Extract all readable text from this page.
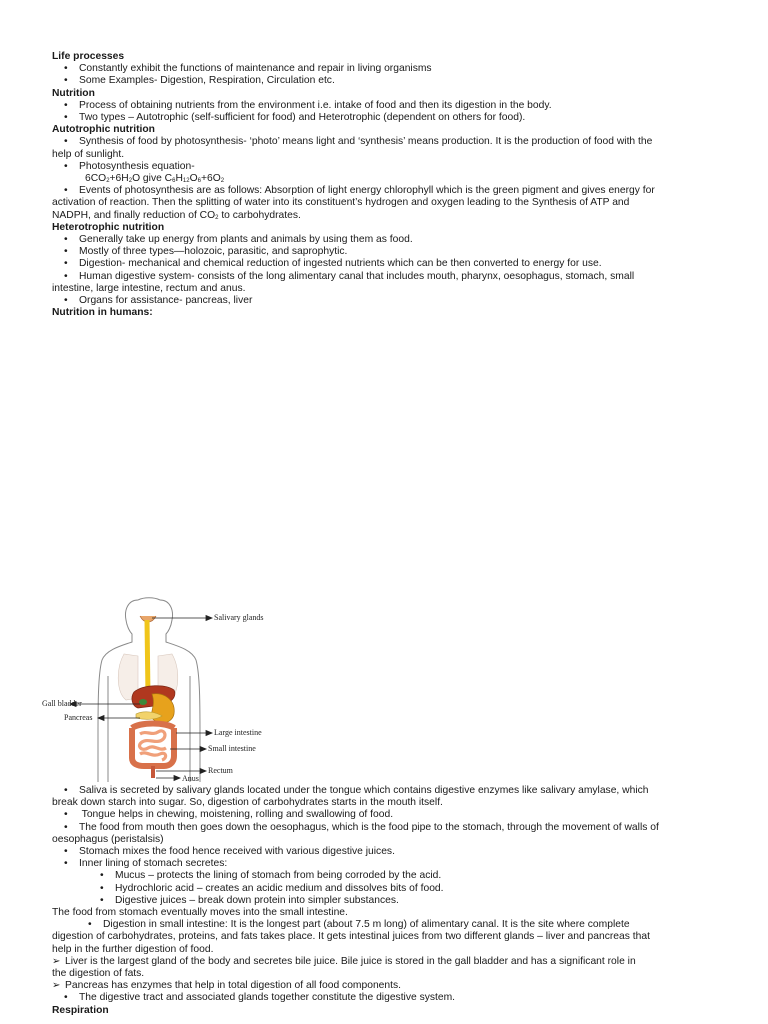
Life processes
• Constantly exhibit the functions of maintenance and repair in living organisms
• Some Examples- Digestion, Respiration, Circulation etc.
Nutrition
• Process of obtaining nutrients from the environment i.e. intake of food and then its digestion in the body.
• Two types – Autotrophic (self-sufficient for food) and Heterotrophic (dependent on others for food).
Autotrophic nutrition
• Synthesis of food by photosynthesis- ‘photo’ means light and ‘synthesis’ means production. It is the production of food with the
help of sunlight.
• Photosynthesis equation-
$6CO_2+6H_2O$ give $C_6H_{12}O_6+6O_2$
• Events of photosynthesis are as follows: Absorption of light energy chlorophyll which is the green pigment and gives energy for
activation of reaction. Then the splitting of water into its constituent’s hydrogen and oxygen leading to the Synthesis of ATP and
NADPH, and finally reduction of $CO_2$ to carbohydrates.
Heterotrophic nutrition
• Generally take up energy from plants and animals by using them as food.
• Mostly of three types—holozoic, parasitic, and saprophytic.
• Digestion- mechanical and chemical reduction of ingested nutrients which can be then converted to energy for use.
• Human digestive system- consists of the long alimentary canal that includes mouth, pharynx, oesophagus, stomach, small
intestine, large intestine, rectum and anus.
• Organs for assistance- pancreas, liver
Nutrition in humans:
Salivary glands
Gall bladder
Pancreas
Large intestine
Small intestine
Rectum
Anus
• Saliva is secreted by salivary glands located under the tongue which contains digestive enzymes like salivary amylase, which
break down starch into sugar. So, digestion of carbohydrates starts in the mouth itself.
• Tongue helps in chewing, moistening, rolling and swallowing of food.
• The food from mouth then goes down the oesophagus, which is the food pipe to the stomach, through the movement of walls of
oesophagus (peristalsis)
• Stomach mixes the food hence received with various digestive juices.
• Inner lining of stomach secretes:
• Mucus – protects the lining of stomach from being corroded by the acid.
• Hydrochloric acid – creates an acidic medium and dissolves bits of food.
• Digestive juices – break down protein into simpler substances.
The food from stomach eventually moves into the small intestine.
• Digestion in small intestine: It is the longest part (about 7.5 m long) of alimentary canal. It is the site where complete
digestion of carbohydrates, proteins, and fats takes place. It gets intestinal juices from two different glands – liver and pancreas that
help in the further digestion of food.
➢ Liver is the largest gland of the body and secretes bile juice. Bile juice is stored in the gall bladder and has a significant role in
the digestion of fats.
➢ Pancreas has enzymes that help in total digestion of all food components.
• The digestive tract and associated glands together constitute the digestive system.
Respiration
